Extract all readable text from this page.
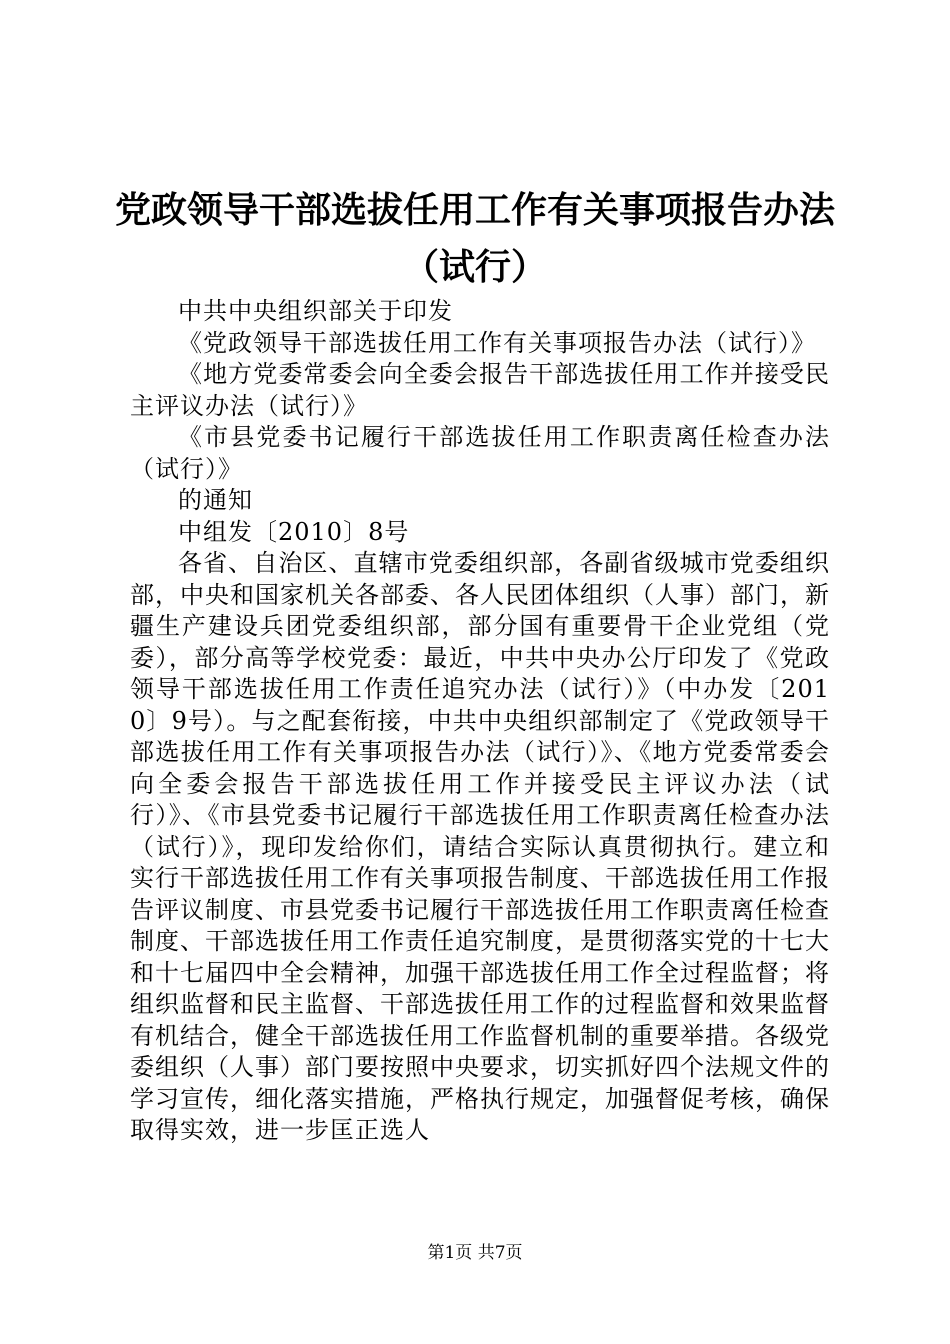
党政领导干部选拔任用工作有关事项报告办法
（试行）

中共中央组织部关于印发

《党政领导干部选拔任用工作有关事项报告办法（试行）》

《地方党委常委会向全委会报告干部选拔任用工作并接受民主评议办法（试行）》

《市县党委书记履行干部选拔任用工作职责离任检查办法（试行）》

的通知

中组发〔2010〕8号

各省、自治区、直辖市党委组织部，各副省级城市党委组织部，中央和国家机关各部委、各人民团体组织（人事）部门，新疆生产建设兵团党委组织部，部分国有重要骨干企业党组（党委），部分高等学校党委：最近，中共中央办公厅印发了《党政领导干部选拔任用工作责任追究办法（试行）》（中办发〔2010〕9号）。与之配套衔接，中共中央组织部制定了《党政领导干部选拔任用工作有关事项报告办法（试行）》、《地方党委常委会向全委会报告干部选拔任用工作并接受民主评议办法（试行）》、《市县党委书记履行干部选拔任用工作职责离任检查办法（试行）》，现印发给你们，请结合实际认真贯彻执行。建立和实行干部选拔任用工作有关事项报告制度、干部选拔任用工作报告评议制度、市县党委书记履行干部选拔任用工作职责离任检查制度、干部选拔任用工作责任追究制度，是贯彻落实党的十七大和十七届四中全会精神，加强干部选拔任用工作全过程监督；将组织监督和民主监督、干部选拔任用工作的过程监督和效果监督有机结合，健全干部选拔任用工作监督机制的重要举措。各级党委组织（人事）部门要按照中央要求，切实抓好四个法规文件的学习宣传，细化落实措施，严格执行规定，加强督促考核，确保取得实效，进一步匡正选人

第1页 共7页
